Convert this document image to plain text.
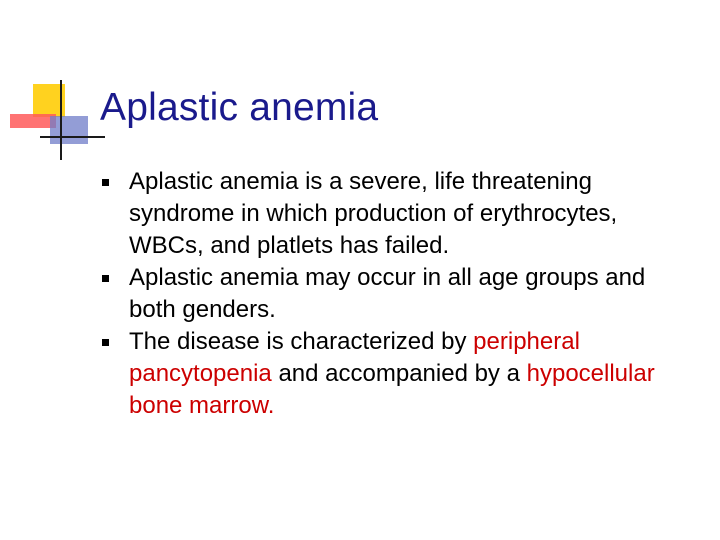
Aplastic anemia
Aplastic anemia is a severe, life threatening syndrome in which production of erythrocytes, WBCs, and platlets has failed.
Aplastic anemia may occur in all age groups and both genders.
The disease is characterized by peripheral pancytopenia and accompanied by a hypocellular bone marrow.
